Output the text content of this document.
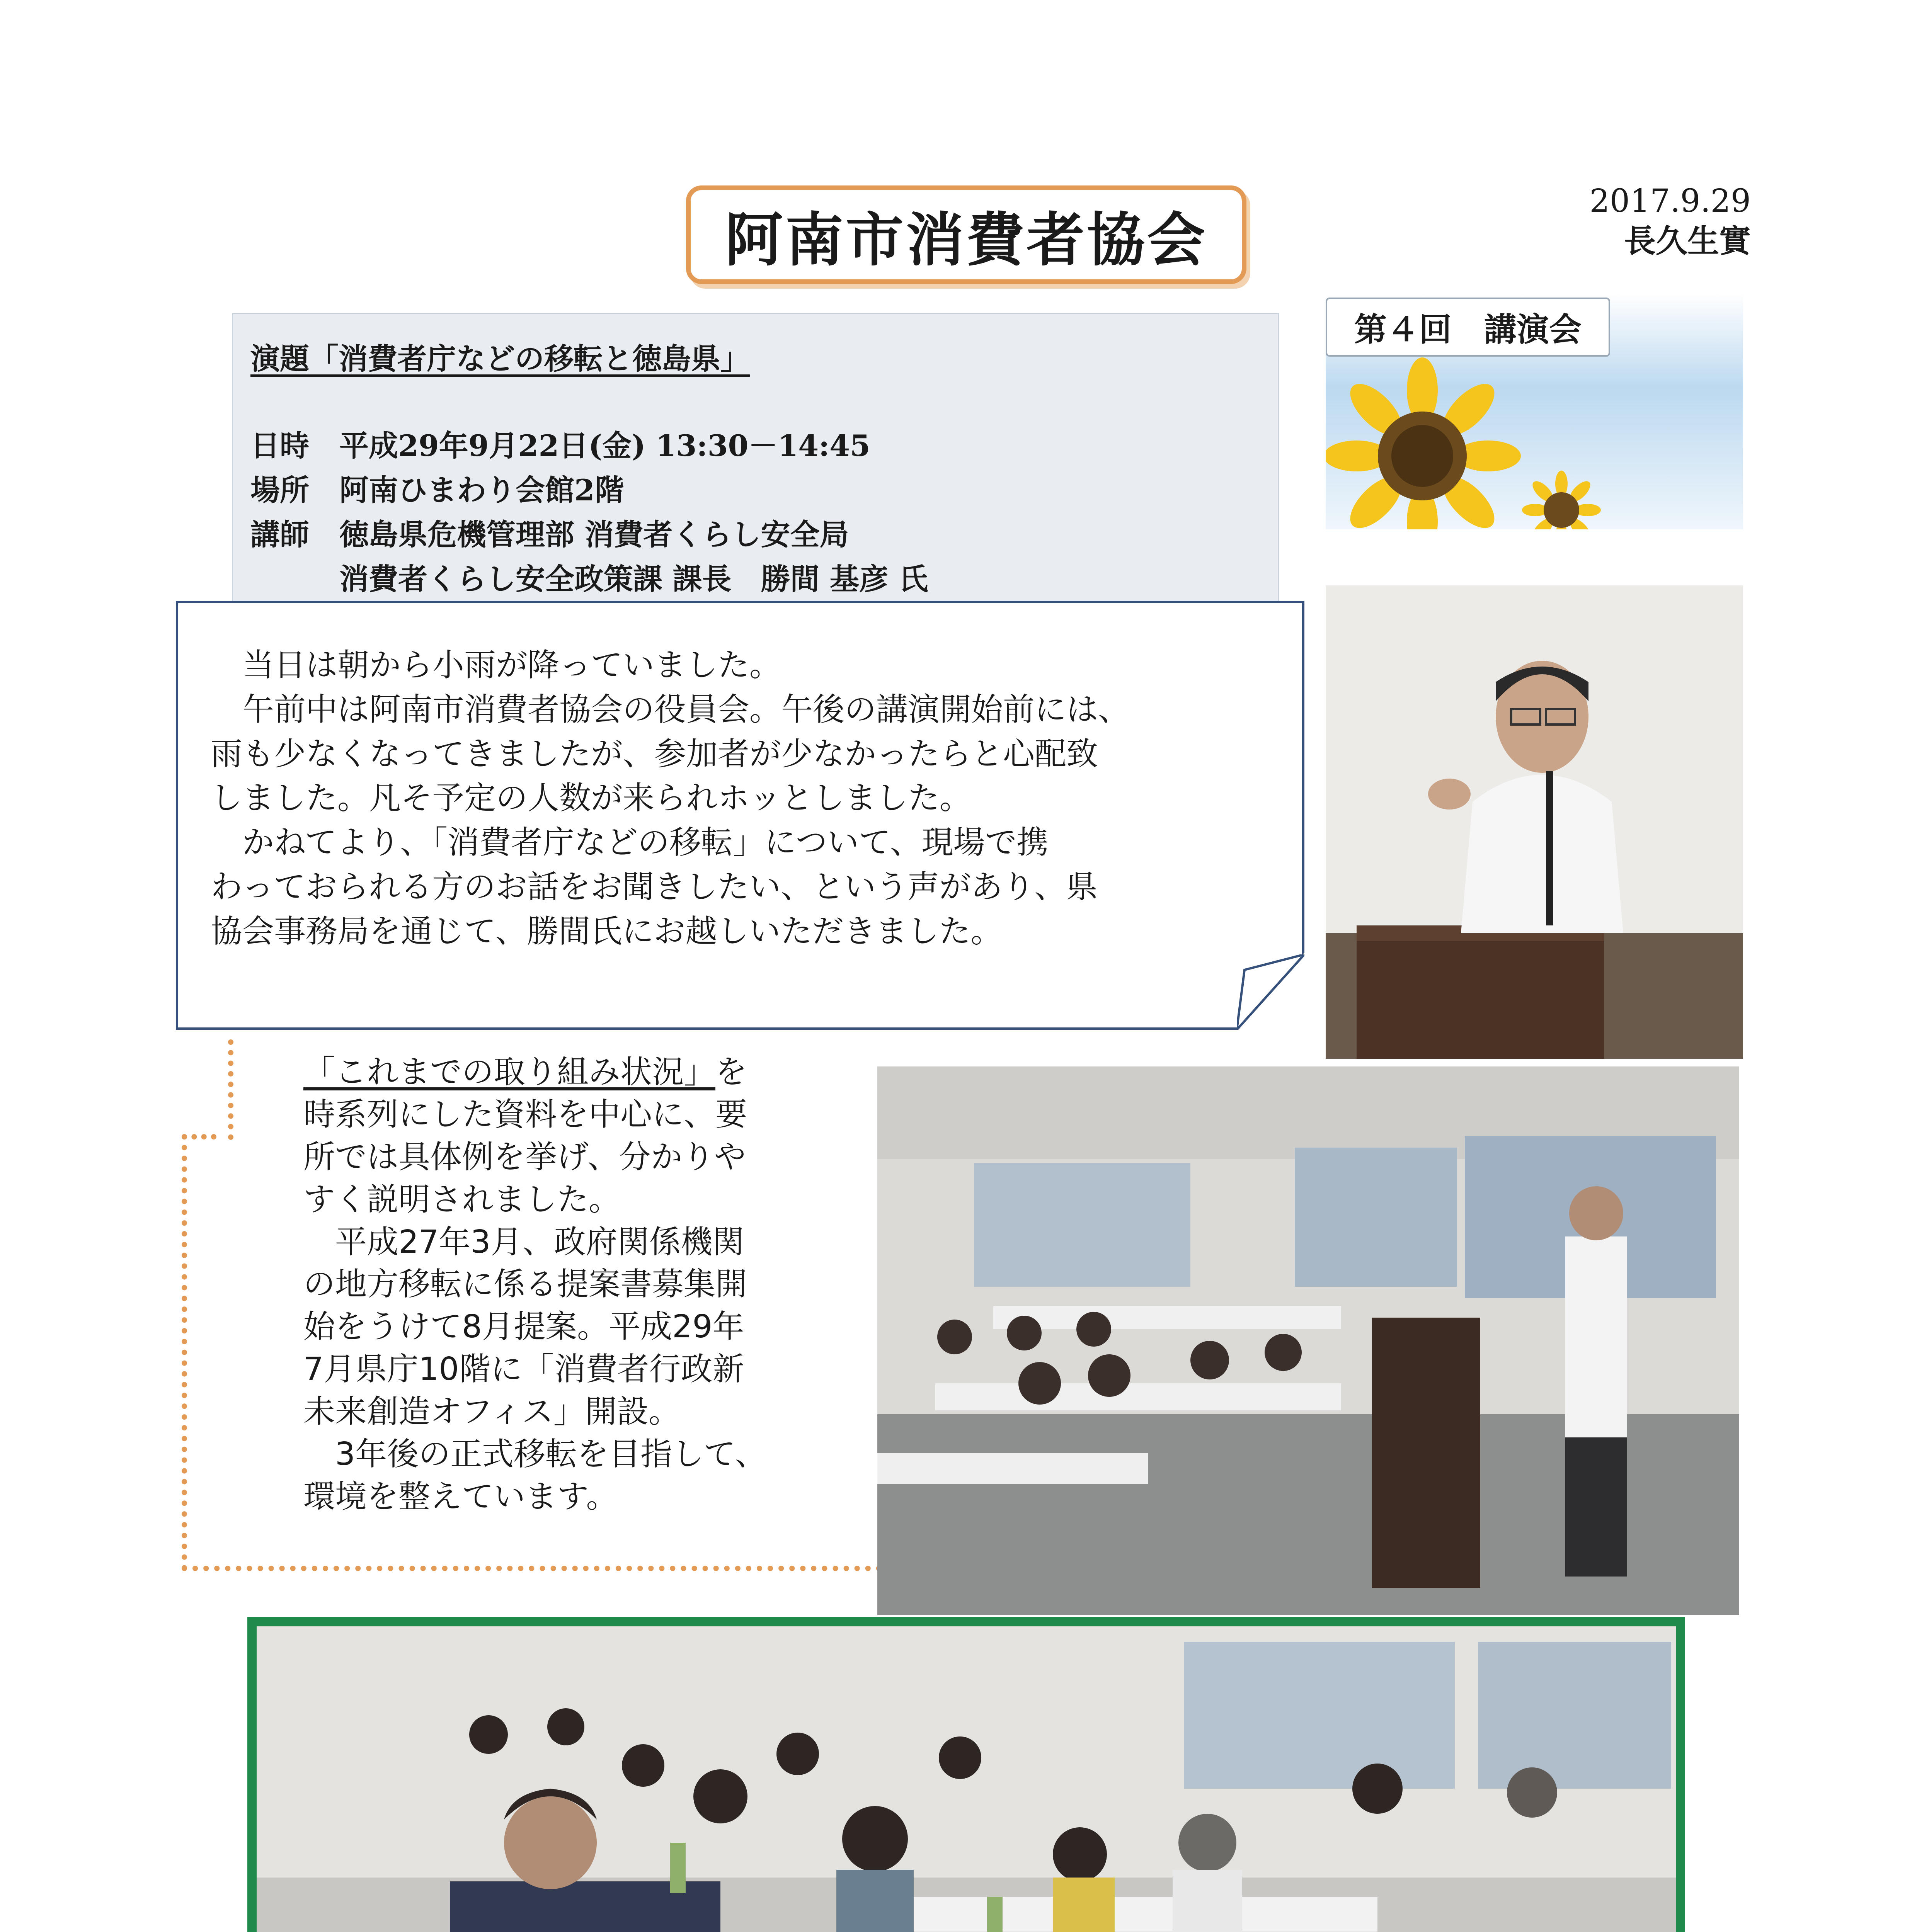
阿南市消費者協会
2017.9.29
長久生實
演題「消費者庁などの移転と徳島県」
日時	平成29年9月22日(金) 13:30－14:45
場所	阿南ひまわり会館2階
講師	徳島県危機管理部 消費者くらし安全局
消費者くらし安全政策課 課長　勝間 基彦 氏
第４回　講演会

当日は朝から小雨が降っていました。

午前中は阿南市消費者協会の役員会。午後の講演開始前には、

雨も少なくなってきましたが、参加者が少なかったらと心配致

しました。凡そ予定の人数が来られホッとしました。

かねてより、「消費者庁などの移転」について、現場で携

わっておられる方のお話をお聞きしたい、という声があり、県

協会事務局を通じて、勝間氏にお越しいただきました。

「これまでの取り組み状況」を

時系列にした資料を中心に、要

所では具体例を挙げ、分かりや

すく説明されました。

平成27年3月、政府関係機関

の地方移転に係る提案書募集開

始をうけて8月提案。平成29年

7月県庁10階に「消費者行政新

未来創造オフィス」開設。

3年後の正式移転を目指して、

環境を整えています。
